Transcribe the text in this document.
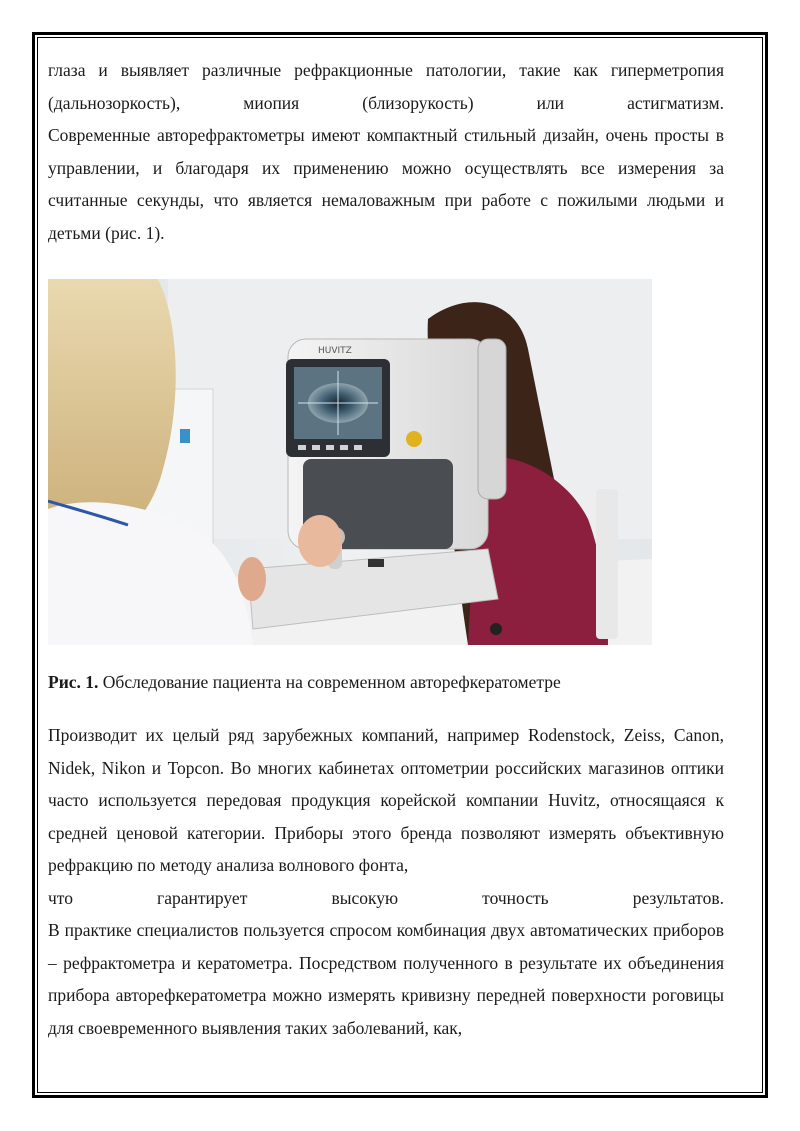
глаза и выявляет различные рефракционные патологии, такие как гиперметропия
(дальнозоркость), миопия (близорукость) или астигматизм.
Современные авторефрактометры имеют компактный стильный дизайн, очень просты в управлении, и благодаря их применению можно осуществлять все измерения за считанные секунды, что является немаловажным при работе с пожилыми людьми и детьми (рис. 1).

HUVITZ
Рис. 1. Обследование пациента на современном авторефкератометре

Производит их целый ряд зарубежных компаний, например Rodenstock, Zeiss, Canon, Nidek, Nikon и Topcon. Во многих кабинетах оптометрии российских магазинов оптики часто используется передовая продукция корейской компании Huvitz, относящаяся к средней ценовой категории. Приборы этого бренда позволяют измерять объективную рефракцию по методу анализа волнового фонта,
что гарантирует высокую точность результатов.
В практике специалистов пользуется спросом комбинация двух автоматических приборов – рефрактометра и кератометра. Посредством полученного в результате их объединения прибора авторефкератометра можно измерять кривизну передней поверхности роговицы для своевременного выявления таких заболеваний, как,
